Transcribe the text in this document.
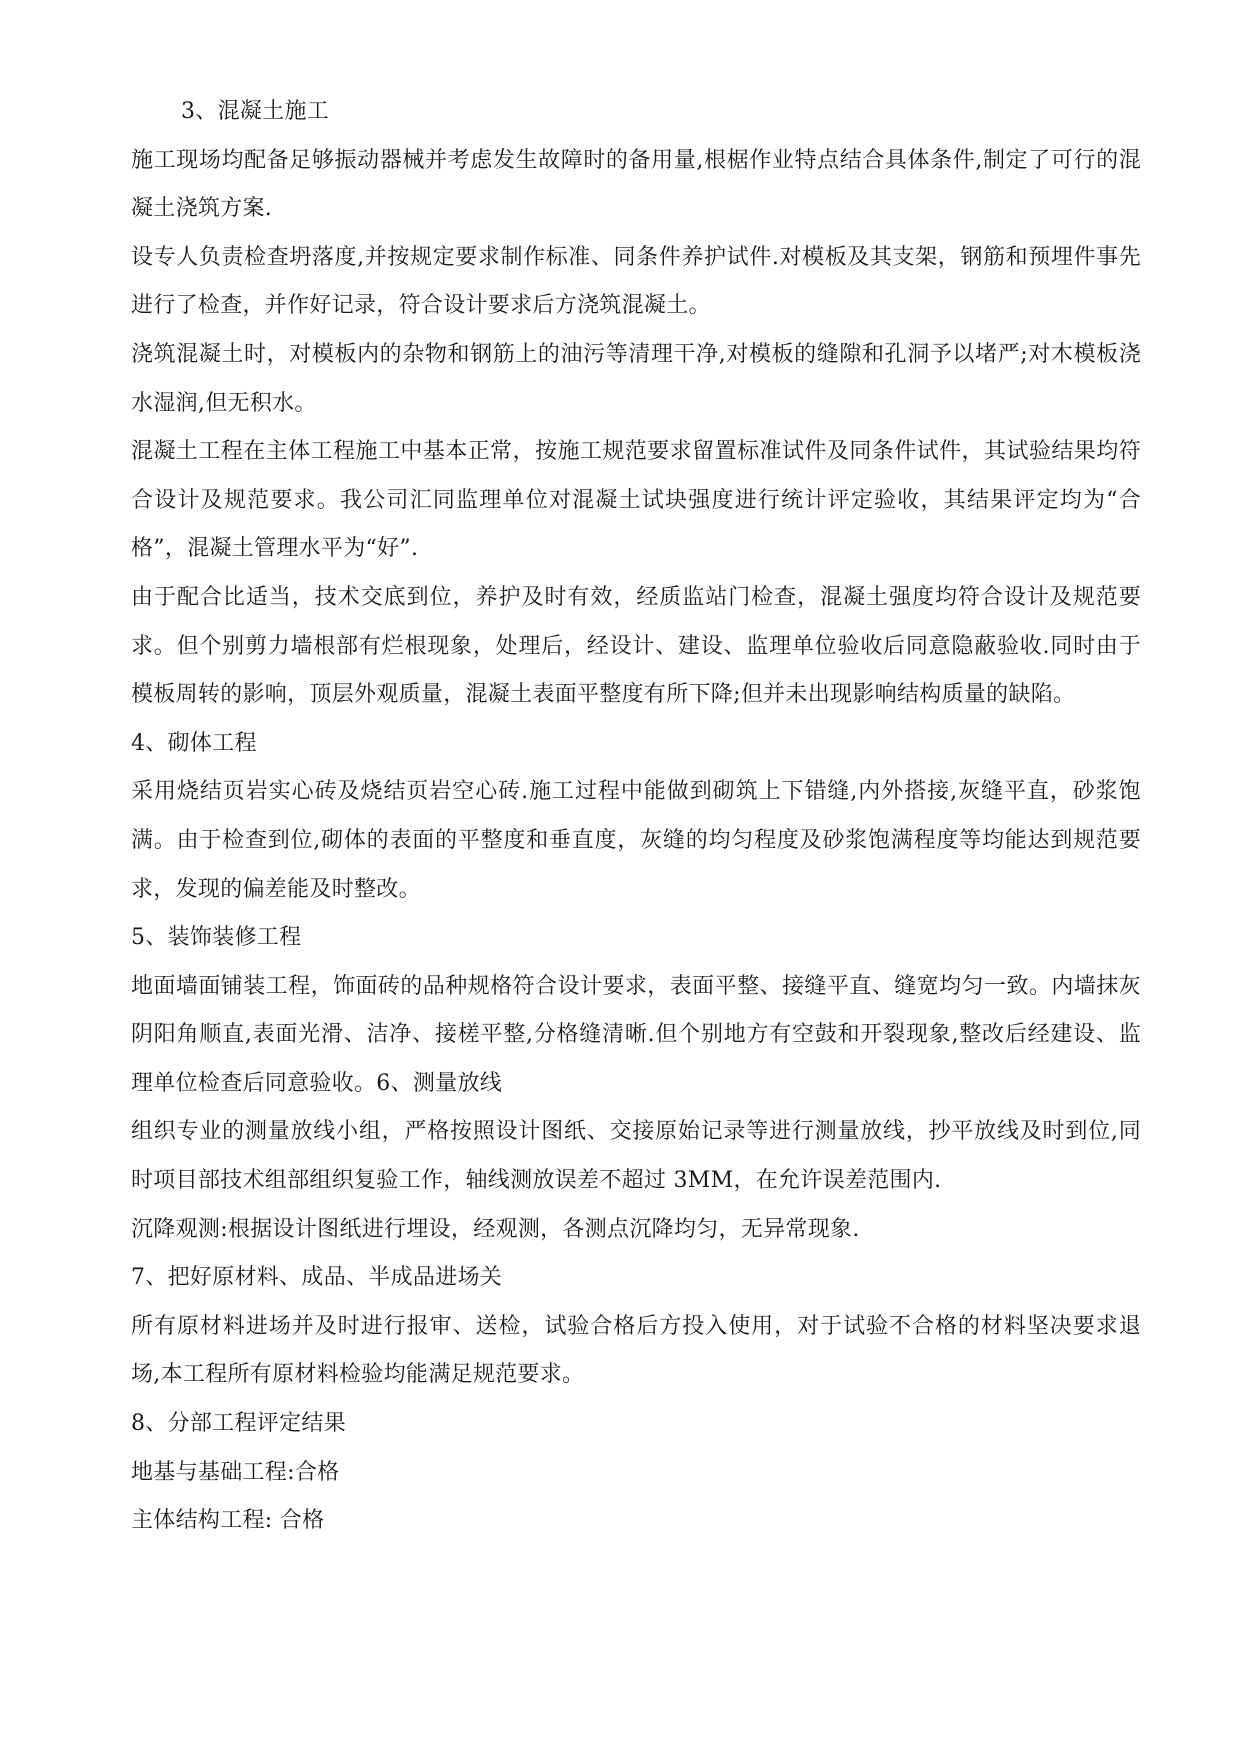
3、混凝土施工

施工现场均配备足够振动器械并考虑发生故障时的备用量,根椐作业特点结合具体条件,制定了可行的混凝土浇筑方案.

设专人负责检查坍落度,并按规定要求制作标准、同条件养护试件.对模板及其支架，钢筋和预埋件事先进行了检查，并作好记录，符合设计要求后方浇筑混凝土。

浇筑混凝土时，对模板内的杂物和钢筋上的油污等清理干净,对模板的缝隙和孔洞予以堵严;对木模板浇水湿润,但无积水。

混凝土工程在主体工程施工中基本正常，按施工规范要求留置标准试件及同条件试件，其试验结果均符合设计及规范要求。我公司汇同监理单位对混凝土试块强度进行统计评定验收，其结果评定均为“合格”，混凝土管理水平为“好”.

由于配合比适当，技术交底到位，养护及时有效，经质监站门检查，混凝土强度均符合设计及规范要求。但个别剪力墙根部有烂根现象，处理后，经设计、建设、监理单位验收后同意隐蔽验收.同时由于模板周转的影响，顶层外观质量，混凝土表面平整度有所下降;但并未出现影响结构质量的缺陷。

4、砌体工程

采用烧结页岩实心砖及烧结页岩空心砖.施工过程中能做到砌筑上下错缝,内外搭接,灰缝平直，砂浆饱满。由于检查到位,砌体的表面的平整度和垂直度，灰缝的均匀程度及砂浆饱满程度等均能达到规范要求，发现的偏差能及时整改。

5、装饰装修工程

地面墙面铺装工程，饰面砖的品种规格符合设计要求，表面平整、接缝平直、缝宽均匀一致。内墙抹灰阴阳角顺直,表面光滑、洁净、接槎平整,分格缝清晰.但个别地方有空鼓和开裂现象,整改后经建设、监理单位检查后同意验收。6、测量放线

组织专业的测量放线小组，严格按照设计图纸、交接原始记录等进行测量放线，抄平放线及时到位,同时项目部技术组部组织复验工作，轴线测放误差不超过 3MM，在允许误差范围内.

沉降观测:根据设计图纸进行埋设，经观测，各测点沉降均匀，无异常现象.

7、把好原材料、成品、半成品进场关

所有原材料进场并及时进行报审、送检，试验合格后方投入使用，对于试验不合格的材料坚决要求退场,本工程所有原材料检验均能满足规范要求。

8、分部工程评定结果

地基与基础工程:合格

主体结构工程: 合格
